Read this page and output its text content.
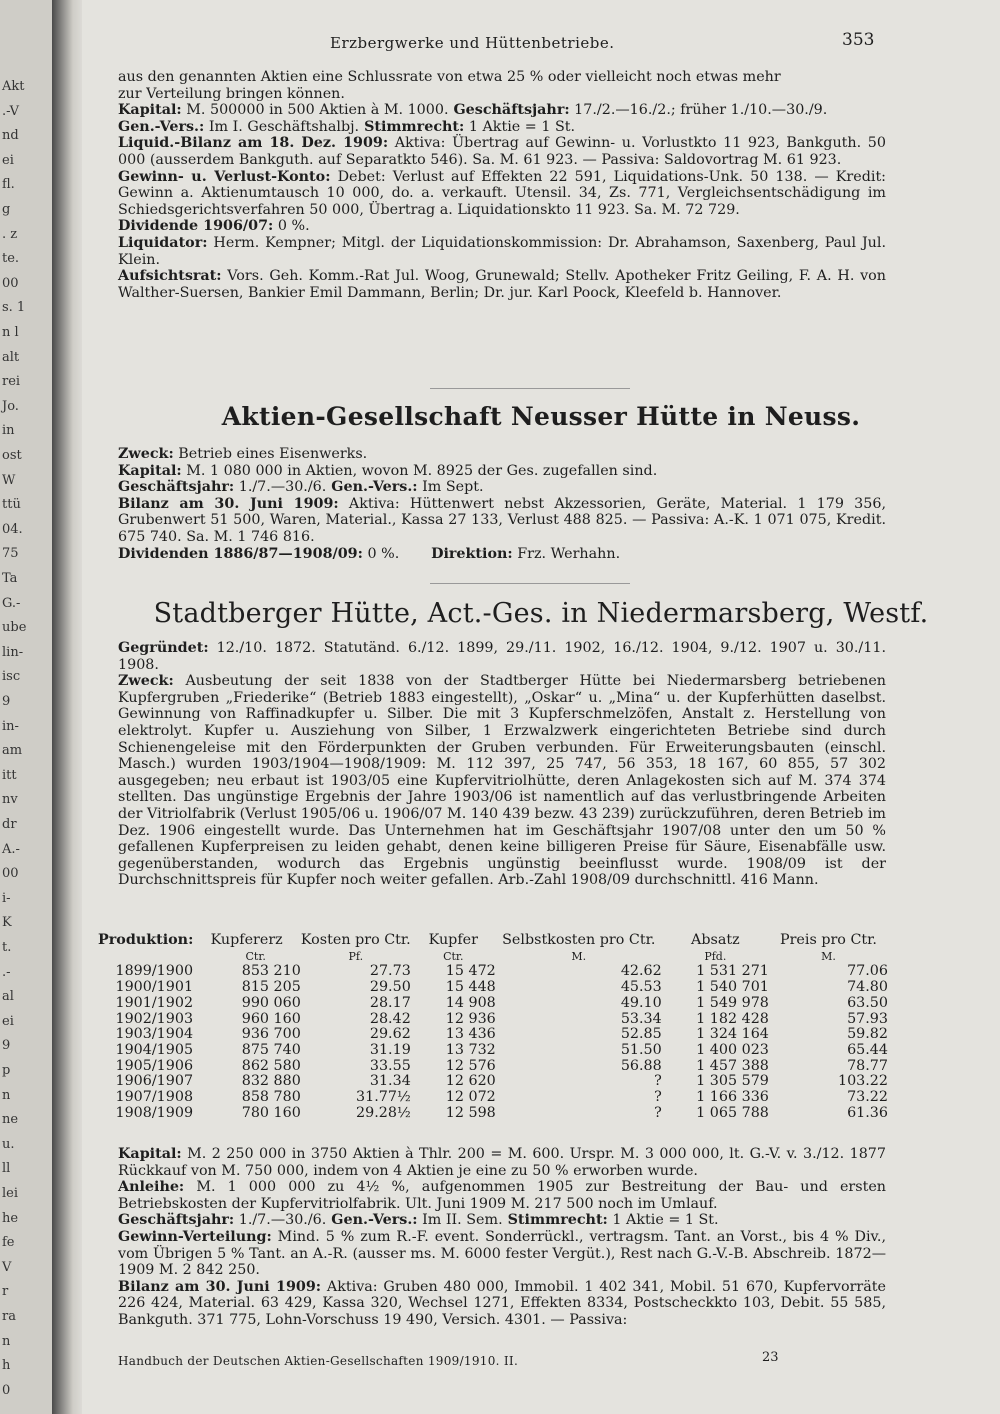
Akt
.-V
nd
ei
fl.
g
. z
te.
00
s. 1
n l
alt
rei
Jo.
in
ost
W
ttü
04.
75
Ta
G.-
ube
lin-
isc
9
in-
am
itt
nv
dr
A.-
00
i-
K
t.
.-
al
ei
9
p
n
ne
u.
ll
lei
he
fe
V
r
ra
n
h
0
Erzbergwerke und Hüttenbetriebe.	353

aus den genannten Aktien eine Schlussrate von etwa 25 % oder vielleicht noch etwas mehr

zur Verteilung bringen können.

Kapital: M. 500000 in 500 Aktien à M. 1000. Geschäftsjahr: 17./2.—16./2.; früher 1./10.—30./9.

Gen.-Vers.: Im I. Geschäftshalbj. Stimmrecht: 1 Aktie = 1 St.

Liquid.-Bilanz am 18. Dez. 1909: Aktiva: Übertrag auf Gewinn- u. Vorlustkto 11 923, Bankguth. 50 000 (ausserdem Bankguth. auf Separatkto 546). Sa. M. 61 923. — Passiva: Saldovortrag M. 61 923.

Gewinn- u. Verlust-Konto: Debet: Verlust auf Effekten 22 591, Liquidations-Unk. 50 138. — Kredit: Gewinn a. Aktienumtausch 10 000, do. a. verkauft. Utensil. 34, Zs. 771, Vergleichsentschädigung im Schiedsgerichtsverfahren 50 000, Übertrag a. Liquidationskto 11 923. Sa. M. 72 729.

Dividende 1906/07: 0 %.

Liquidator: Herm. Kempner; Mitgl. der Liquidationskommission: Dr. Abrahamson, Saxenberg, Paul Jul. Klein.

Aufsichtsrat: Vors. Geh. Komm.-Rat Jul. Woog, Grunewald; Stellv. Apotheker Fritz Geiling, F. A. H. von Walther-Suersen, Bankier Emil Dammann, Berlin; Dr. jur. Karl Poock, Kleefeld b. Hannover.

Aktien-Gesellschaft Neusser Hütte in Neuss.

Zweck: Betrieb eines Eisenwerks.

Kapital: M. 1 080 000 in Aktien, wovon M. 8925 der Ges. zugefallen sind.

Geschäftsjahr: 1./7.—30./6. Gen.-Vers.: Im Sept.

Bilanz am 30. Juni 1909: Aktiva: Hüttenwert nebst Akzessorien, Geräte, Material. 1 179 356, Grubenwert 51 500, Waren, Material., Kassa 27 133, Verlust 488 825. — Passiva: A.-K. 1 071 075, Kredit. 675 740. Sa. M. 1 746 816.

Dividenden 1886/87—1908/09: 0 %. Direktion: Frz. Werhahn.

Stadtberger Hütte, Act.-Ges. in Niedermarsberg, Westf.

Gegründet: 12./10. 1872. Statutänd. 6./12. 1899, 29./11. 1902, 16./12. 1904, 9./12. 1907 u. 30./11. 1908.

Zweck: Ausbeutung der seit 1838 von der Stadtberger Hütte bei Niedermarsberg betriebenen Kupfergruben „Friederike“ (Betrieb 1883 eingestellt), „Oskar“ u. „Mina“ u. der Kupferhütten daselbst. Gewinnung von Raffinadkupfer u. Silber. Die mit 3 Kupferschmelzöfen, Anstalt z. Herstellung von elektrolyt. Kupfer u. Ausziehung von Silber, 1 Erzwalzwerk eingerichteten Betriebe sind durch Schienengeleise mit den Förderpunkten der Gruben verbunden. Für Erweiterungsbauten (einschl. Masch.) wurden 1903/1904—1908/1909: M. 112 397, 25 747, 56 353, 18 167, 60 855, 57 302 ausgegeben; neu erbaut ist 1903/05 eine Kupfervitriolhütte, deren Anlagekosten sich auf M. 374 374 stellten. Das ungünstige Ergebnis der Jahre 1903/06 ist namentlich auf das verlustbringende Arbeiten der Vitriolfabrik (Verlust 1905/06 u. 1906/07 M. 140 439 bezw. 43 239) zurückzuführen, deren Betrieb im Dez. 1906 eingestellt wurde. Das Unternehmen hat im Geschäftsjahr 1907/08 unter den um 50 % gefallenen Kupferpreisen zu leiden gehabt, denen keine billigeren Preise für Säure, Eisenabfälle usw. gegenüberstanden, wodurch das Ergebnis ungünstig beeinflusst wurde. 1908/09 ist der Durchschnittspreis für Kupfer noch weiter gefallen. Arb.-Zahl 1908/09 durchschnittl. 416 Mann.

Produktion:	Kupfererz	Kosten pro Ctr.	Kupfer	Selbstkosten pro Ctr.	Absatz	Preis pro Ctr.
	Ctr.	Pf.	Ctr.	M.	Pfd.	M.
1899/1900	853 210	27.73	15 472	42.62	1 531 271	77.06
1900/1901	815 205	29.50	15 448	45.53	1 540 701	74.80
1901/1902	990 060	28.17	14 908	49.10	1 549 978	63.50
1902/1903	960 160	28.42	12 936	53.34	1 182 428	57.93
1903/1904	936 700	29.62	13 436	52.85	1 324 164	59.82
1904/1905	875 740	31.19	13 732	51.50	1 400 023	65.44
1905/1906	862 580	33.55	12 576	56.88	1 457 388	78.77
1906/1907	832 880	31.34	12 620	?	1 305 579	103.22
1907/1908	858 780	31.77½	12 072	?	1 166 336	73.22
1908/1909	780 160	29.28½	12 598	?	1 065 788	61.36

Kapital: M. 2 250 000 in 3750 Aktien à Thlr. 200 = M. 600. Urspr. M. 3 000 000, lt. G.-V. v. 3./12. 1877 Rückkauf von M. 750 000, indem von 4 Aktien je eine zu 50 % erworben wurde.

Anleihe: M. 1 000 000 zu 4½ %, aufgenommen 1905 zur Bestreitung der Bau- und ersten Betriebskosten der Kupfervitriolfabrik. Ult. Juni 1909 M. 217 500 noch im Umlauf.

Geschäftsjahr: 1./7.—30./6. Gen.-Vers.: Im II. Sem. Stimmrecht: 1 Aktie = 1 St.

Gewinn-Verteilung: Mind. 5 % zum R.-F. event. Sonderrückl., vertragsm. Tant. an Vorst., bis 4 % Div., vom Übrigen 5 % Tant. an A.-R. (ausser ms. M. 6000 fester Vergüt.), Rest nach G.-V.-B. Abschreib. 1872—1909 M. 2 842 250.

Bilanz am 30. Juni 1909: Aktiva: Gruben 480 000, Immobil. 1 402 341, Mobil. 51 670, Kupfervorräte 226 424, Material. 63 429, Kassa 320, Wechsel 1271, Effekten 8334, Postscheckkto 103, Debit. 55 585, Bankguth. 371 775, Lohn-Vorschuss 19 490, Versich. 4301. — Passiva:

Handbuch der Deutschen Aktien-Gesellschaften 1909/1910. II.	23
